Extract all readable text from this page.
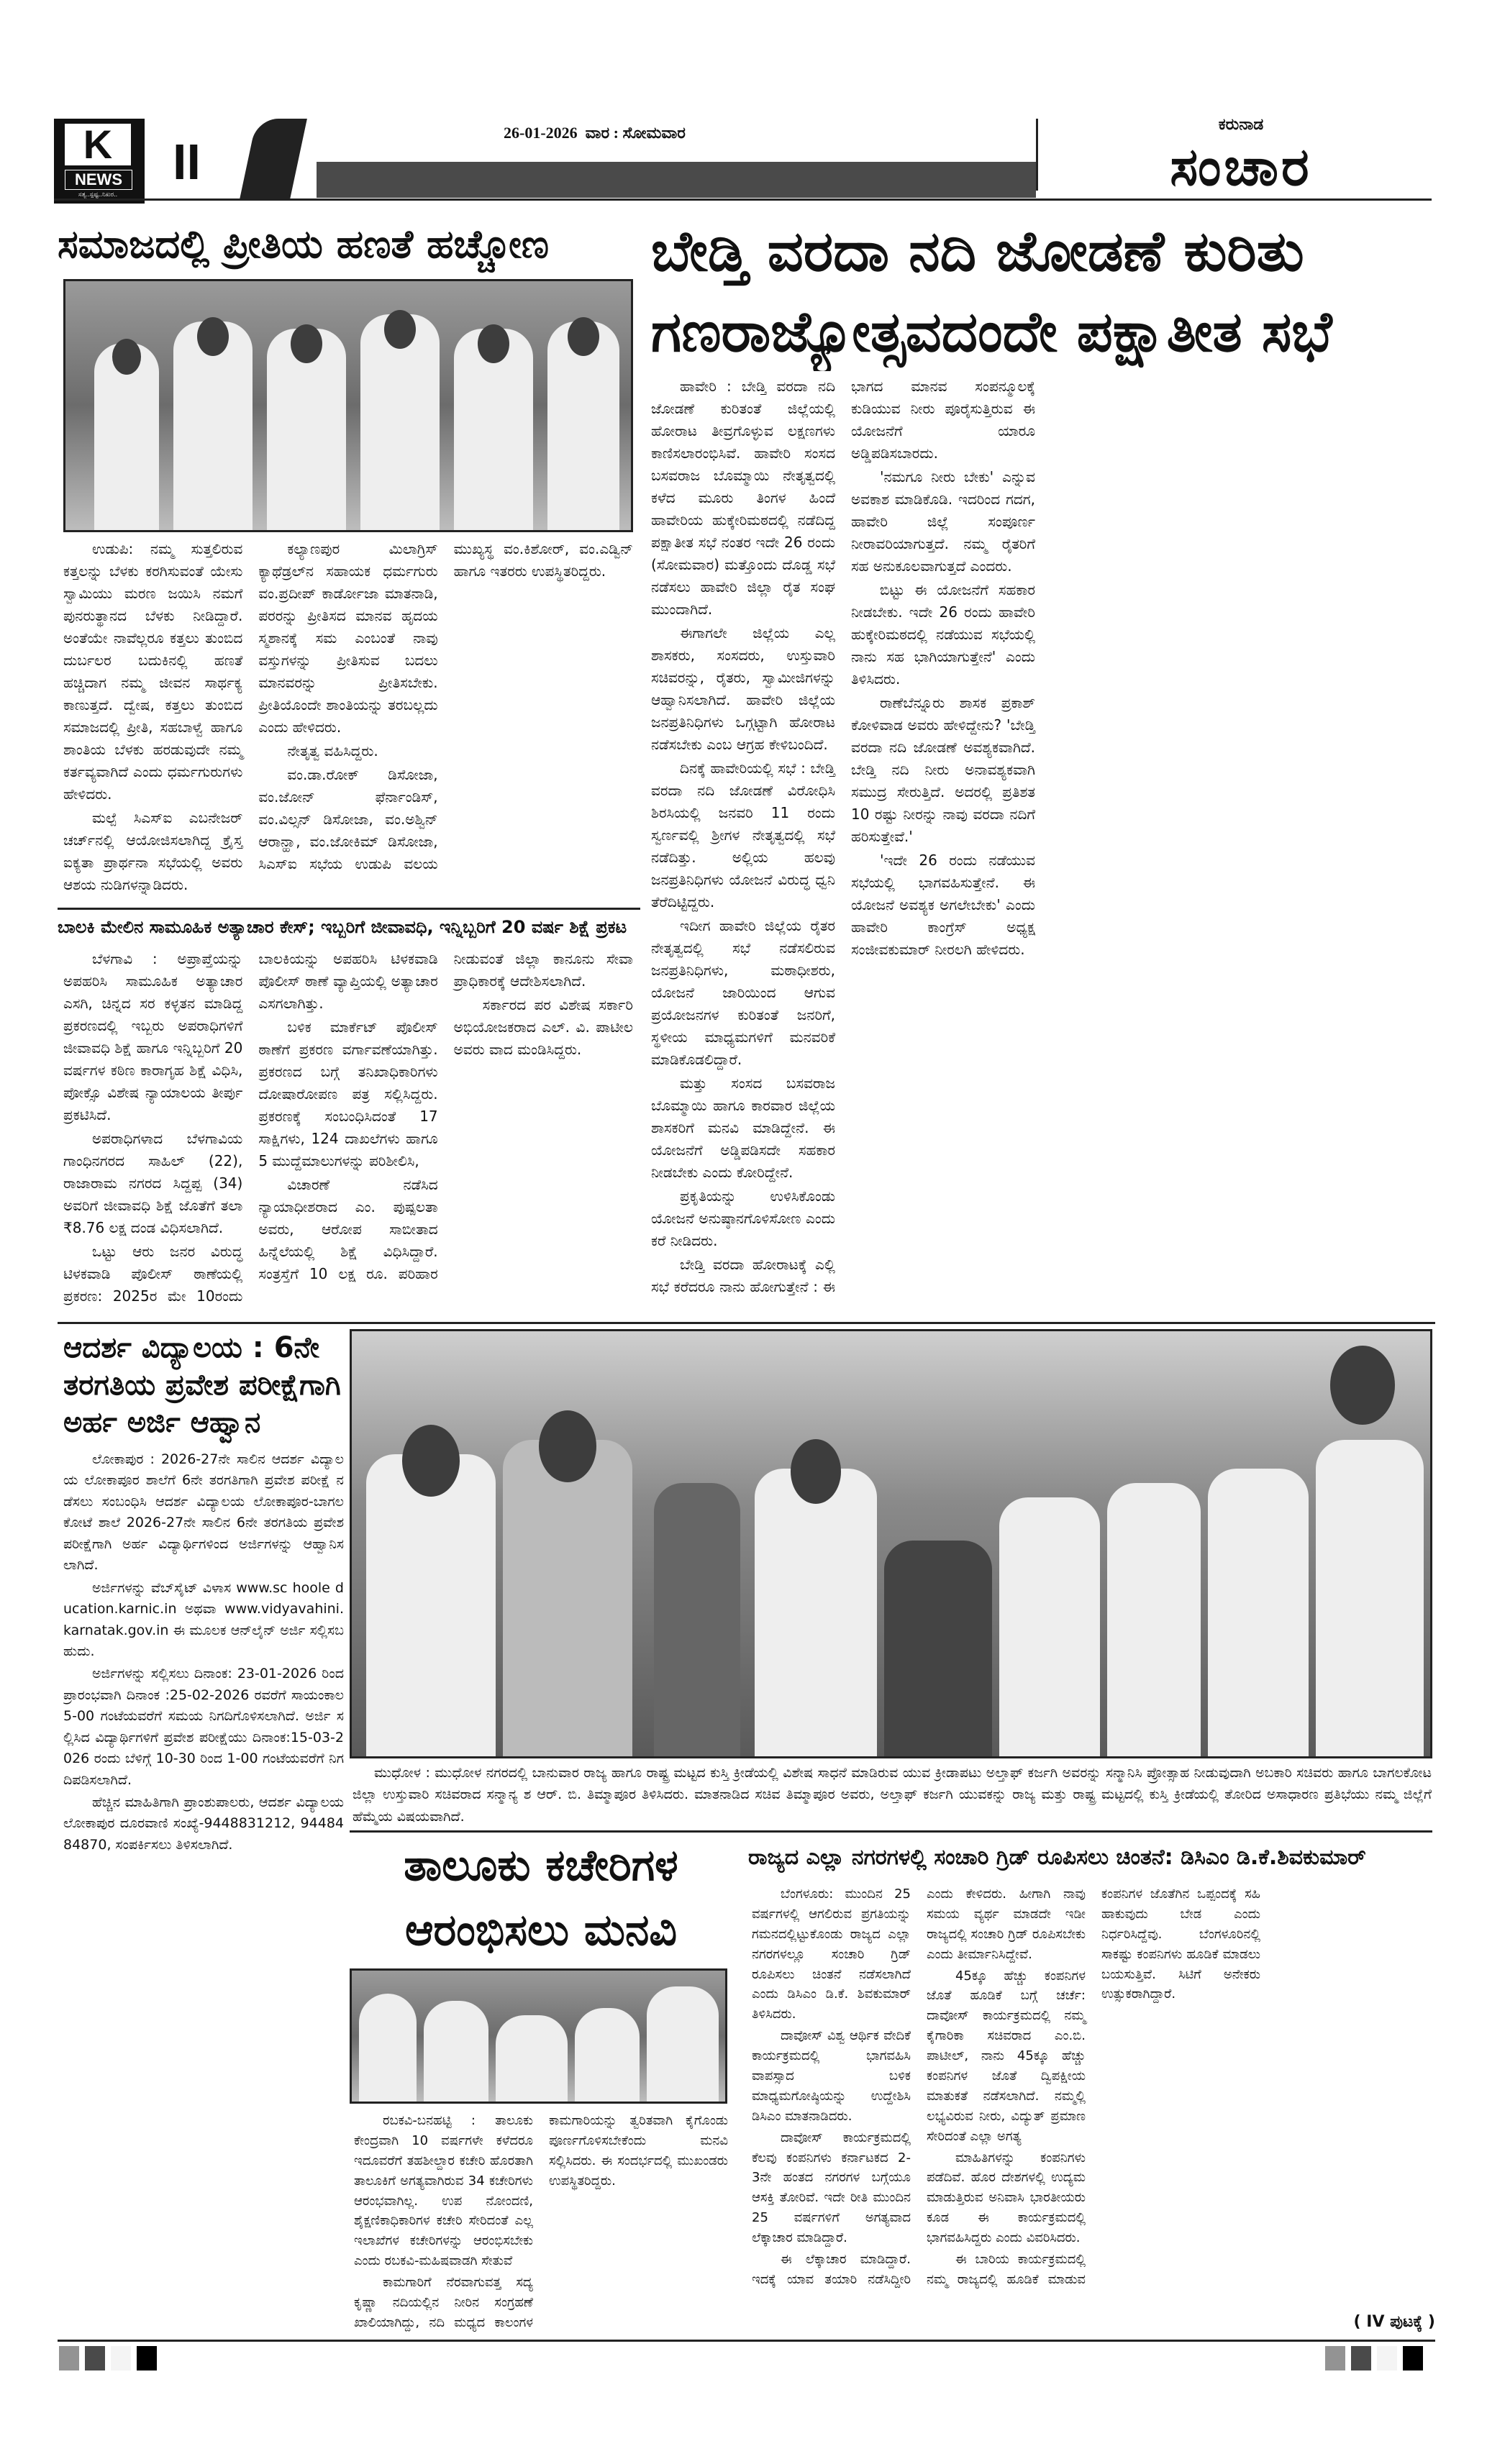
K
NEWS
ಸತ್ಯ..ಸ್ಪಷ್ಟ..ನಿಖರ..
II
26-01-2026 ವಾರ : ಸೋಮವಾರ	ಕರುನಾಡ
ಸಂಚಾರ
ಸಮಾಜದಲ್ಲಿ ಪ್ರೀತಿಯ ಹಣತೆ ಹಚ್ಚೋಣ

ಉಡುಪಿ: ನಮ್ಮ ಸುತ್ತಲಿರುವ ಕತ್ತಲನ್ನು ಬೆಳಕು ಕರಗಿಸುವಂತೆ ಯೇಸು ಸ್ವಾಮಿಯು ಮರಣ ಜಯಿಸಿ ನಮಗೆ ಪುನರುತ್ಥಾನದ ಬೆಳಕು ನೀಡಿದ್ದಾರೆ. ಅಂತೆಯೇ ನಾವೆಲ್ಲರೂ ಕತ್ತಲು ತುಂಬಿದ ದುರ್ಬಲರ ಬದುಕಿನಲ್ಲಿ ಹಣತೆ ಹಚ್ಚಿದಾಗ ನಮ್ಮ ಜೀವನ ಸಾರ್ಥಕ್ಯ ಕಾಣುತ್ತದೆ. ದ್ವೇಷ, ಕತ್ತಲು ತುಂಬಿದ ಸಮಾಜದಲ್ಲಿ ಪ್ರೀತಿ, ಸಹಬಾಳ್ವೆ ಹಾಗೂ ಶಾಂತಿಯ ಬೆಳಕು ಹರಡುವುದೇ ನಮ್ಮ ಕರ್ತವ್ಯವಾಗಿದೆ ಎಂದು ಧರ್ಮಗುರುಗಳು ಹೇಳಿದರು.

ಮಲ್ಪೆ ಸಿಎಸ್‌ಐ ಎಬನೇಜರ್ ಚರ್ಚ್‌ನಲ್ಲಿ ಆಯೋಜಿಸಲಾಗಿದ್ದ ಕ್ರೈಸ್ತ ಐಕ್ಯತಾ ಪ್ರಾರ್ಥನಾ ಸಭೆಯಲ್ಲಿ ಅವರು ಆಶಯ ನುಡಿಗಳನ್ನಾಡಿದರು.

ಕಲ್ಯಾಣಪುರ ಮಿಲಾಗ್ರಿಸ್ ಕ್ಯಾಥೆಡ್ರಲ್‌ನ ಸಹಾಯಕ ಧರ್ಮಗುರು ವಂ.ಪ್ರದೀಪ್ ಕಾರ್ಡೋಜಾ ಮಾತನಾಡಿ, ಪರರನ್ನು ಪ್ರೀತಿಸದ ಮಾನವ ಹೃದಯ ಸ್ಮಶಾನಕ್ಕೆ ಸಮ ಎಂಬಂತೆ ನಾವು ವಸ್ತುಗಳನ್ನು ಪ್ರೀತಿಸುವ ಬದಲು ಮಾನವರನ್ನು ಪ್ರೀತಿಸಬೇಕು. ಪ್ರೀತಿಯೊಂದೇ ಶಾಂತಿಯನ್ನು ತರಬಲ್ಲದು ಎಂದು ಹೇಳಿದರು.

ನೇತೃತ್ವ ವಹಿಸಿದ್ದರು.

ವಂ.ಡಾ.ರೋಕ್ ಡಿಸೋಜಾ, ವಂ.ಜೋನ್ ಫೆರ್ನಾಂಡಿಸ್, ವಂ.ವಿಲ್ಸನ್ ಡಿಸೋಜಾ, ವಂ.ಅಶ್ವಿನ್ ಆರಾನ್ಹಾ, ವಂ.ಜೋಕಿಮ್ ಡಿಸೋಜಾ, ಸಿಎಸ್‌ಐ ಸಭೆಯ ಉಡುಪಿ ವಲಯ ಮುಖ್ಯಸ್ಥ ವಂ.ಕಿಶೋರ್, ವಂ.ಎಡ್ವಿನ್ ಹಾಗೂ ಇತರರು ಉಪಸ್ಥಿತರಿದ್ದರು.

ಬಾಲಕಿ ಮೇಲಿನ ಸಾಮೂಹಿಕ ಅತ್ಯಾಚಾರ ಕೇಸ್; ಇಬ್ಬರಿಗೆ ಜೀವಾವಧಿ, ಇನ್ನಿಬ್ಬರಿಗೆ 20 ವರ್ಷ ಶಿಕ್ಷೆ ಪ್ರಕಟ

ಬೆಳಗಾವಿ : ಅಪ್ರಾಪ್ತೆಯನ್ನು ಅಪಹರಿಸಿ ಸಾಮೂಹಿಕ ಅತ್ಯಾಚಾರ ಎಸಗಿ, ಚಿನ್ನದ ಸರ ಕಳ್ಳತನ ಮಾಡಿದ್ದ ಪ್ರಕರಣದಲ್ಲಿ ಇಬ್ಬರು ಅಪರಾಧಿಗಳಿಗೆ ಜೀವಾವಧಿ ಶಿಕ್ಷೆ ಹಾಗೂ ಇನ್ನಿಬ್ಬರಿಗೆ 20 ವರ್ಷಗಳ ಕಠಿಣ ಕಾರಾಗೃಹ ಶಿಕ್ಷೆ ವಿಧಿಸಿ, ಪೋಕ್ಸೊ ವಿಶೇಷ ನ್ಯಾಯಾಲಯ ತೀರ್ಪು ಪ್ರಕಟಿಸಿದೆ.

ಅಪರಾಧಿಗಳಾದ ಬೆಳಗಾವಿಯ ಗಾಂಧಿನಗರದ ಸಾಹಿಲ್ (22), ರಾಜಾರಾಮ ನಗರದ ಸಿದ್ದಪ್ಪ (34) ಅವರಿಗೆ ಜೀವಾವಧಿ ಶಿಕ್ಷೆ ಜೊತೆಗೆ ತಲಾ ₹8.76 ಲಕ್ಷ ದಂಡ ವಿಧಿಸಲಾಗಿದೆ.

ಒಟ್ಟು ಆರು ಜನರ ವಿರುದ್ಧ ಟಿಳಕವಾಡಿ ಪೊಲೀಸ್ ಠಾಣೆಯಲ್ಲಿ ಪ್ರಕರಣ: 2025ರ ಮೇ 10ರಂದು ಬಾಲಕಿಯನ್ನು ಅಪಹರಿಸಿ ಟಿಳಕವಾಡಿ ಪೊಲೀಸ್ ಠಾಣೆ ವ್ಯಾಪ್ತಿಯಲ್ಲಿ ಅತ್ಯಾಚಾರ ಎಸಗಲಾಗಿತ್ತು.

ಬಳಿಕ ಮಾರ್ಕೆಟ್ ಪೊಲೀಸ್ ಠಾಣೆಗೆ ಪ್ರಕರಣ ವರ್ಗಾವಣೆಯಾಗಿತ್ತು. ಪ್ರಕರಣದ ಬಗ್ಗೆ ತನಿಖಾಧಿಕಾರಿಗಳು ದೋಷಾರೋಪಣ ಪತ್ರ ಸಲ್ಲಿಸಿದ್ದರು. ಪ್ರಕರಣಕ್ಕೆ ಸಂಬಂಧಿಸಿದಂತೆ 17 ಸಾಕ್ಷಿಗಳು, 124 ದಾಖಲೆಗಳು ಹಾಗೂ 5 ಮುದ್ದೆಮಾಲುಗಳನ್ನು ಪರಿಶೀಲಿಸಿ,

ವಿಚಾರಣೆ ನಡೆಸಿದ ನ್ಯಾಯಾಧೀಶರಾದ ಎಂ. ಪುಷ್ಪಲತಾ ಅವರು, ಆರೋಪ ಸಾಬೀತಾದ ಹಿನ್ನೆಲೆಯಲ್ಲಿ ಶಿಕ್ಷೆ ವಿಧಿಸಿದ್ದಾರೆ. ಸಂತ್ರಸ್ತೆಗೆ 10 ಲಕ್ಷ ರೂ. ಪರಿಹಾರ ನೀಡುವಂತೆ ಜಿಲ್ಲಾ ಕಾನೂನು ಸೇವಾ ಪ್ರಾಧಿಕಾರಕ್ಕೆ ಆದೇಶಿಸಲಾಗಿದೆ.

ಸರ್ಕಾರದ ಪರ ವಿಶೇಷ ಸರ್ಕಾರಿ ಅಭಿಯೋಜಕರಾದ ಎಲ್. ವಿ. ಪಾಟೀಲ ಅವರು ವಾದ ಮಂಡಿಸಿದ್ದರು.

ಬೇಡ್ತಿ ವರದಾ ನದಿ ಜೋಡಣೆ ಕುರಿತು
ಗಣರಾಜ್ಯೋತ್ಸವದಂದೇ ಪಕ್ಷಾತೀತ ಸಭೆ

ಹಾವೇರಿ : ಬೇಡ್ತಿ ವರದಾ ನದಿ ಜೋಡಣೆ ಕುರಿತಂತೆ ಜಿಲ್ಲೆಯಲ್ಲಿ ಹೋರಾಟ ತೀವ್ರಗೊಳ್ಳುವ ಲಕ್ಷಣಗಳು ಕಾಣಿಸಲಾರಂಭಿಸಿವೆ. ಹಾವೇರಿ ಸಂಸದ ಬಸವರಾಜ ಬೊಮ್ಮಾಯಿ ನೇತೃತ್ವದಲ್ಲಿ ಕಳೆದ ಮೂರು ತಿಂಗಳ ಹಿಂದೆ ಹಾವೇರಿಯ ಹುಕ್ಕೇರಿಮಠದಲ್ಲಿ ನಡೆದಿದ್ದ ಪಕ್ಷಾತೀತ ಸಭೆ ನಂತರ ಇದೇ 26 ರಂದು (ಸೋಮವಾರ) ಮತ್ತೊಂದು ದೊಡ್ಡ ಸಭೆ ನಡೆಸಲು ಹಾವೇರಿ ಜಿಲ್ಲಾ ರೈತ ಸಂಘ ಮುಂದಾಗಿದೆ.

ಈಗಾಗಲೇ ಜಿಲ್ಲೆಯ ಎಲ್ಲ ಶಾಸಕರು, ಸಂಸದರು, ಉಸ್ತುವಾರಿ ಸಚಿವರನ್ನು, ರೈತರು, ಸ್ವಾಮೀಜಿಗಳನ್ನು ಆಹ್ವಾನಿಸಲಾಗಿದೆ. ಹಾವೇರಿ ಜಿಲ್ಲೆಯ ಜನಪ್ರತಿನಿಧಿಗಳು ಒಗ್ಗಟ್ಟಾಗಿ ಹೋರಾಟ ನಡೆಸಬೇಕು ಎಂಬ ಆಗ್ರಹ ಕೇಳಿಬಂದಿದೆ.

ದಿನಕ್ಕೆ ಹಾವೇರಿಯಲ್ಲಿ ಸಭೆ : ಬೇಡ್ತಿ ವರದಾ ನದಿ ಜೋಡಣೆ ವಿರೋಧಿಸಿ ಶಿರಸಿಯಲ್ಲಿ ಜನವರಿ 11 ರಂದು ಸ್ವರ್ಣವಲ್ಲಿ ಶ್ರೀಗಳ ನೇತೃತ್ವದಲ್ಲಿ ಸಭೆ ನಡೆದಿತ್ತು. ಅಲ್ಲಿಯ ಹಲವು ಜನಪ್ರತಿನಿಧಿಗಳು ಯೋಜನೆ ವಿರುದ್ಧ ಧ್ವನಿ ತೆರೆದಿಟ್ಟಿದ್ದರು.

ಇದೀಗ ಹಾವೇರಿ ಜಿಲ್ಲೆಯ ರೈತರ ನೇತೃತ್ವದಲ್ಲಿ ಸಭೆ ನಡೆಸಲಿರುವ ಜನಪ್ರತಿನಿಧಿಗಳು, ಮಠಾಧೀಶರು, ಯೋಜನೆ ಜಾರಿಯಿಂದ ಆಗುವ ಪ್ರಯೋಜನಗಳ ಕುರಿತಂತೆ ಜನರಿಗೆ, ಸ್ಥಳೀಯ ಮಾಧ್ಯಮಗಳಿಗೆ ಮನವರಿಕೆ ಮಾಡಿಕೊಡಲಿದ್ದಾರೆ.

ಮತ್ತು ಸಂಸದ ಬಸವರಾಜ ಬೊಮ್ಮಾಯಿ ಹಾಗೂ ಕಾರವಾರ ಜಿಲ್ಲೆಯ ಶಾಸಕರಿಗೆ ಮನವಿ ಮಾಡಿದ್ದೇನೆ. ಈ ಯೋಜನೆಗೆ ಅಡ್ಡಿಪಡಿಸದೇ ಸಹಕಾರ ನೀಡಬೇಕು ಎಂದು ಕೋರಿದ್ದೇನೆ.

ಪ್ರಕೃತಿಯನ್ನು ಉಳಿಸಿಕೊಂಡು ಯೋಜನೆ ಅನುಷ್ಠಾನಗೊಳಿಸೋಣ ಎಂದು ಕರೆ ನೀಡಿದರು.

ಬೇಡ್ತಿ ವರದಾ ಹೋರಾಟಕ್ಕೆ ಎಲ್ಲಿ ಸಭೆ ಕರೆದರೂ ನಾನು ಹೋಗುತ್ತೇನೆ : ಈ ಭಾಗದ ಮಾನವ ಸಂಪನ್ಮೂಲಕ್ಕೆ ಕುಡಿಯುವ ನೀರು ಪೂರೈಸುತ್ತಿರುವ ಈ ಯೋಜನೆಗೆ ಯಾರೂ ಅಡ್ಡಿಪಡಿಸಬಾರದು.

'ನಮಗೂ ನೀರು ಬೇಕು' ಎನ್ನುವ ಅವಕಾಶ ಮಾಡಿಕೊಡಿ. ಇದರಿಂದ ಗದಗ, ಹಾವೇರಿ ಜಿಲ್ಲೆ ಸಂಪೂರ್ಣ ನೀರಾವರಿಯಾಗುತ್ತದೆ. ನಮ್ಮ ರೈತರಿಗೆ ಸಹ ಅನುಕೂಲವಾಗುತ್ತದೆ ಎಂದರು.

ಬಿಟ್ಟು ಈ ಯೋಜನೆಗೆ ಸಹಕಾರ ನೀಡಬೇಕು. ಇದೇ 26 ರಂದು ಹಾವೇರಿ ಹುಕ್ಕೇರಿಮಠದಲ್ಲಿ ನಡೆಯುವ ಸಭೆಯಲ್ಲಿ ನಾನು ಸಹ ಭಾಗಿಯಾಗುತ್ತೇನೆ' ಎಂದು ತಿಳಿಸಿದರು.

ರಾಣೆಬೆನ್ನೂರು ಶಾಸಕ ಪ್ರಕಾಶ್ ಕೋಳಿವಾಡ ಅವರು ಹೇಳಿದ್ದೇನು? 'ಬೇಡ್ತಿ ವರದಾ ನದಿ ಜೋಡಣೆ ಅವಶ್ಯಕವಾಗಿದೆ. ಬೇಡ್ತಿ ನದಿ ನೀರು ಅನಾವಶ್ಯಕವಾಗಿ ಸಮುದ್ರ ಸೇರುತ್ತಿದೆ. ಅದರಲ್ಲಿ ಪ್ರತಿಶತ 10 ರಷ್ಟು ನೀರನ್ನು ನಾವು ವರದಾ ನದಿಗೆ ಹರಿಸುತ್ತೇವೆ.'

'ಇದೇ 26 ರಂದು ನಡೆಯುವ ಸಭೆಯಲ್ಲಿ ಭಾಗವಹಿಸುತ್ತೇನೆ. ಈ ಯೋಜನೆ ಅವಶ್ಯಕ ಅಗಲೇಬೇಕು' ಎಂದು ಹಾವೇರಿ ಕಾಂಗ್ರೆಸ್ ಅಧ್ಯಕ್ಷ ಸಂಜೀವಕುಮಾರ್ ನೀರಲಗಿ ಹೇಳಿದರು.

ಆದರ್ಶ ವಿದ್ಯಾಲಯ : 6ನೇ ತರಗತಿಯ ಪ್ರವೇಶ ಪರೀಕ್ಷೆಗಾಗಿ ಅರ್ಹ ಅರ್ಜಿ ಆಹ್ವಾನ

ಲೋಕಾಪುರ : 2026-27ನೇ ಸಾಲಿನ ಆದರ್ಶ ವಿದ್ಯಾಲಯ ಲೋಕಾಪೂರ ಶಾಲೆಗೆ 6ನೇ ತರಗತಿಗಾಗಿ ಪ್ರವೇಶ ಪರೀಕ್ಷೆ ನಡೆಸಲು ಸಂಬಂಧಿಸಿ ಆದರ್ಶ ವಿದ್ಯಾಲಯ ಲೋಕಾಪೂರ-ಬಾಗಲಕೋಟೆ ಶಾಲೆ 2026-27ನೇ ಸಾಲಿನ 6ನೇ ತರಗತಿಯ ಪ್ರವೇಶ ಪರೀಕ್ಷೆಗಾಗಿ ಅರ್ಹ ವಿದ್ಯಾರ್ಥಿಗಳಿಂದ ಅರ್ಜಿಗಳನ್ನು ಆಹ್ವಾನಿಸಲಾಗಿದೆ.

ಅರ್ಜಿಗಳನ್ನು ವೆಬ್‌ಸೈಟ್ ವಿಳಾಸ www.sc hoole ducation.karnic.in ಅಥವಾ www.vidyavahini.karnatak.gov.in ಈ ಮೂಲಕ ಆನ್‌ಲೈನ್ ಅರ್ಜಿ ಸಲ್ಲಿಸಬಹುದು.

ಅರ್ಜಿಗಳನ್ನು ಸಲ್ಲಿಸಲು ದಿನಾಂಕ: 23-01-2026 ರಿಂದ ಪ್ರಾರಂಭವಾಗಿ ದಿನಾಂಕ :25-02-2026 ರವರೆಗೆ ಸಾಯಂಕಾಲ 5-00 ಗಂಟೆಯವರೆಗೆ ಸಮಯ ನಿಗದಿಗೊಳಿಸಲಾಗಿದೆ. ಅರ್ಜಿ ಸಲ್ಲಿಸಿದ ವಿದ್ಯಾರ್ಥಿಗಳಿಗೆ ಪ್ರವೇಶ ಪರೀಕ್ಷೆಯು ದಿನಾಂಕ:15-03-2026 ರಂದು ಬೆಳಿಗ್ಗೆ 10-30 ರಿಂದ 1-00 ಗಂಟೆಯವರೆಗೆ ನಿಗದಿಪಡಿಸಲಾಗಿದೆ.

ಹೆಚ್ಚಿನ ಮಾಹಿತಿಗಾಗಿ ಪ್ರಾಂಶುಪಾಲರು, ಆದರ್ಶ ವಿದ್ಯಾಲಯ ಲೋಕಾಪುರ ದೂರವಾಣಿ ಸಂಖ್ಯೆ-9448831212, 9448484870, ಸಂಪರ್ಕಿಸಲು ತಿಳಿಸಲಾಗಿದೆ.

ಮುಧೋಳ : ಮುಧೋಳ ನಗರದಲ್ಲಿ ಬಾನುವಾರ ರಾಜ್ಯ ಹಾಗೂ ರಾಷ್ಟ್ರ ಮಟ್ಟದ ಕುಸ್ತಿ ಕ್ರೀಡೆಯಲ್ಲಿ ವಿಶೇಷ ಸಾಧನೆ ಮಾಡಿರುವ ಯುವ ಕ್ರೀಡಾಪಟು ಅಲ್ತಾಫ್ ಕರ್ಜಗಿ ಅವರನ್ನು ಸನ್ಮಾನಿಸಿ ಪ್ರೋತ್ಸಾಹ ನೀಡುವುದಾಗಿ ಅಬಕಾರಿ ಸಚಿವರು ಹಾಗೂ ಬಾಗಲಕೋಟ ಜಿಲ್ಲಾ ಉಸ್ತುವಾರಿ ಸಚಿವರಾದ ಸನ್ಮಾನ್ಯ ಶ ಆರ್. ಬಿ. ತಿಮ್ಮಾಪೂರ ತಿಳಿಸಿದರು. ಮಾತನಾಡಿದ ಸಚಿವ ತಿಮ್ಮಾಪೂರ ಅವರು, ಅಲ್ತಾಫ್ ಕರ್ಜಗಿ ಯುವಕನ್ನು ರಾಜ್ಯ ಮತ್ತು ರಾಷ್ಟ್ರ ಮಟ್ಟದಲ್ಲಿ ಕುಸ್ತಿ ಕ್ರೀಡೆಯಲ್ಲಿ ತೋರಿದ ಅಸಾಧಾರಣ ಪ್ರತಿಭೆಯು ನಮ್ಮ ಜಿಲ್ಲೆಗೆ ಹೆಮ್ಮೆಯ ವಿಷಯವಾಗಿದೆ.
ತಾಲೂಕು ಕಚೇರಿಗಳ
ಆರಂಭಿಸಲು ಮನವಿ

ರಬಕವಿ-ಬನಹಟ್ಟಿ : ತಾಲೂಕು ಕೇಂದ್ರವಾಗಿ 10 ವರ್ಷಗಳೇ ಕಳೆದರೂ ಇದೂವರೆಗೆ ತಹಶೀಲ್ದಾರ ಕಚೇರಿ ಹೊರತಾಗಿ ತಾಲೂಕಿಗೆ ಅಗತ್ಯವಾಗಿರುವ 34 ಕಚೇರಿಗಳು ಆರಂಭವಾಗಿಲ್ಲ. ಉಪ ನೋಂದಣಿ, ಶೈಕ್ಷಣಿಕಾಧಿಕಾರಿಗಳ ಕಚೇರಿ ಸೇರಿದಂತೆ ಎಲ್ಲ ಇಲಾಖೆಗಳ ಕಚೇರಿಗಳನ್ನು ಆರಂಭಿಸಬೇಕು ಎಂದು ರಬಕವಿ-ಮಹಿಷವಾಡಗಿ ಸೇತುವೆ

ಕಾಮಗಾರಿಗೆ ನೆರವಾಗುವತ್ತ ಸದ್ಯ ಕೃಷ್ಣಾ ನದಿಯಲ್ಲಿನ ನೀರಿನ ಸಂಗ್ರಹಣೆ ಖಾಲಿಯಾಗಿದ್ದು, ನದಿ ಮಧ್ಯದ ಕಾಲಂಗಳ ಕಾಮಗಾರಿಯನ್ನು ತ್ವರಿತವಾಗಿ ಕೈಗೊಂಡು ಪೂರ್ಣಗೊಳಿಸಬೇಕೆಂದು ಮನವಿ ಸಲ್ಲಿಸಿದರು. ಈ ಸಂದರ್ಭದಲ್ಲಿ ಮುಖಂಡರು ಉಪಸ್ಥಿತರಿದ್ದರು.

ರಾಜ್ಯದ ಎಲ್ಲಾ ನಗರಗಳಲ್ಲಿ ಸಂಚಾರಿ ಗ್ರಿಡ್ ರೂಪಿಸಲು ಚಿಂತನೆ: ಡಿಸಿಎಂ ಡಿ.ಕೆ.ಶಿವಕುಮಾರ್

ಬೆಂಗಳೂರು: ಮುಂದಿನ 25 ವರ್ಷಗಳಲ್ಲಿ ಆಗಲಿರುವ ಪ್ರಗತಿಯನ್ನು ಗಮನದಲ್ಲಿಟ್ಟುಕೊಂಡು ರಾಜ್ಯದ ಎಲ್ಲಾ ನಗರಗಳಲ್ಲೂ ಸಂಚಾರಿ ಗ್ರಿಡ್ ರೂಪಿಸಲು ಚಿಂತನೆ ನಡೆಸಲಾಗಿದೆ ಎಂದು ಡಿಸಿಎಂ ಡಿ.ಕೆ. ಶಿವಕುಮಾರ್ ತಿಳಿಸಿದರು.

ದಾವೋಸ್ ವಿಶ್ವ ಆರ್ಥಿಕ ವೇದಿಕೆ ಕಾರ್ಯಕ್ರಮದಲ್ಲಿ ಭಾಗವಹಿಸಿ ವಾಪಸ್ಸಾದ ಬಳಿಕ ಮಾಧ್ಯಮಗೋಷ್ಠಿಯನ್ನು ಉದ್ದೇಶಿಸಿ ಡಿಸಿಎಂ ಮಾತನಾಡಿದರು.

ದಾವೋಸ್ ಕಾರ್ಯಕ್ರಮದಲ್ಲಿ ಕೆಲವು ಕಂಪನಿಗಳು ಕರ್ನಾಟಕದ 2-3ನೇ ಹಂತದ ನಗರಗಳ ಬಗ್ಗೆಯೂ ಆಸಕ್ತಿ ತೋರಿವೆ. ಇದೇ ರೀತಿ ಮುಂದಿನ 25 ವರ್ಷಗಳಿಗೆ ಅಗತ್ಯವಾದ ಲೆಕ್ಕಾಚಾರ ಮಾಡಿದ್ದಾರೆ.

ಈ ಲೆಕ್ಕಾಚಾರ ಮಾಡಿದ್ದಾರೆ. ಇದಕ್ಕೆ ಯಾವ ತಯಾರಿ ನಡೆಸಿದ್ದೀರಿ ಎಂದು ಕೇಳಿದರು. ಹೀಗಾಗಿ ನಾವು ಸಮಯ ವ್ಯರ್ಥ ಮಾಡದೇ ಇಡೀ ರಾಜ್ಯದಲ್ಲಿ ಸಂಚಾರಿ ಗ್ರಿಡ್ ರೂಪಿಸಬೇಕು ಎಂದು ತೀರ್ಮಾನಿಸಿದ್ದೇವೆ.

45ಕ್ಕೂ ಹೆಚ್ಚು ಕಂಪನಿಗಳ ಜೊತೆ ಹೂಡಿಕೆ ಬಗ್ಗೆ ಚರ್ಚೆ: ದಾವೋಸ್ ಕಾರ್ಯಕ್ರಮದಲ್ಲಿ ನಮ್ಮ ಕೈಗಾರಿಕಾ ಸಚಿವರಾದ ಎಂ.ಬಿ. ಪಾಟೀಲ್, ನಾನು 45ಕ್ಕೂ ಹೆಚ್ಚು ಕಂಪನಿಗಳ ಜೊತೆ ದ್ವಿಪಕ್ಷೀಯ ಮಾತುಕತೆ ನಡೆಸಲಾಗಿದೆ. ನಮ್ಮಲ್ಲಿ ಲಭ್ಯವಿರುವ ನೀರು, ವಿದ್ಯುತ್ ಪ್ರಮಾಣ ಸೇರಿದಂತೆ ಎಲ್ಲಾ ಅಗತ್ಯ

ಮಾಹಿತಿಗಳನ್ನು ಕಂಪನಿಗಳು ಪಡೆದಿವೆ. ಹೊರ ದೇಶಗಳಲ್ಲಿ ಉದ್ಯಮ ಮಾಡುತ್ತಿರುವ ಅನಿವಾಸಿ ಭಾರತೀಯರು ಕೂಡ ಈ ಕಾರ್ಯಕ್ರಮದಲ್ಲಿ ಭಾಗವಹಿಸಿದ್ದರು ಎಂದು ವಿವರಿಸಿದರು.

ಈ ಬಾರಿಯ ಕಾರ್ಯಕ್ರಮದಲ್ಲಿ ನಮ್ಮ ರಾಜ್ಯದಲ್ಲಿ ಹೂಡಿಕೆ ಮಾಡುವ ಕಂಪನಿಗಳ ಜೊತೆಗಿನ ಒಪ್ಪಂದಕ್ಕೆ ಸಹಿ ಹಾಕುವುದು ಬೇಡ ಎಂದು ನಿರ್ಧರಿಸಿದ್ದೆವು. ಬೆಂಗಳೂರಿನಲ್ಲಿ ಸಾಕಷ್ಟು ಕಂಪನಿಗಳು ಹೂಡಿಕೆ ಮಾಡಲು ಬಯಸುತ್ತಿವೆ. ಸಿಟಿಗೆ ಅನೇಕರು ಉತ್ಸುಕರಾಗಿದ್ದಾರೆ.

( IV ಪುಟಕ್ಕೆ )
